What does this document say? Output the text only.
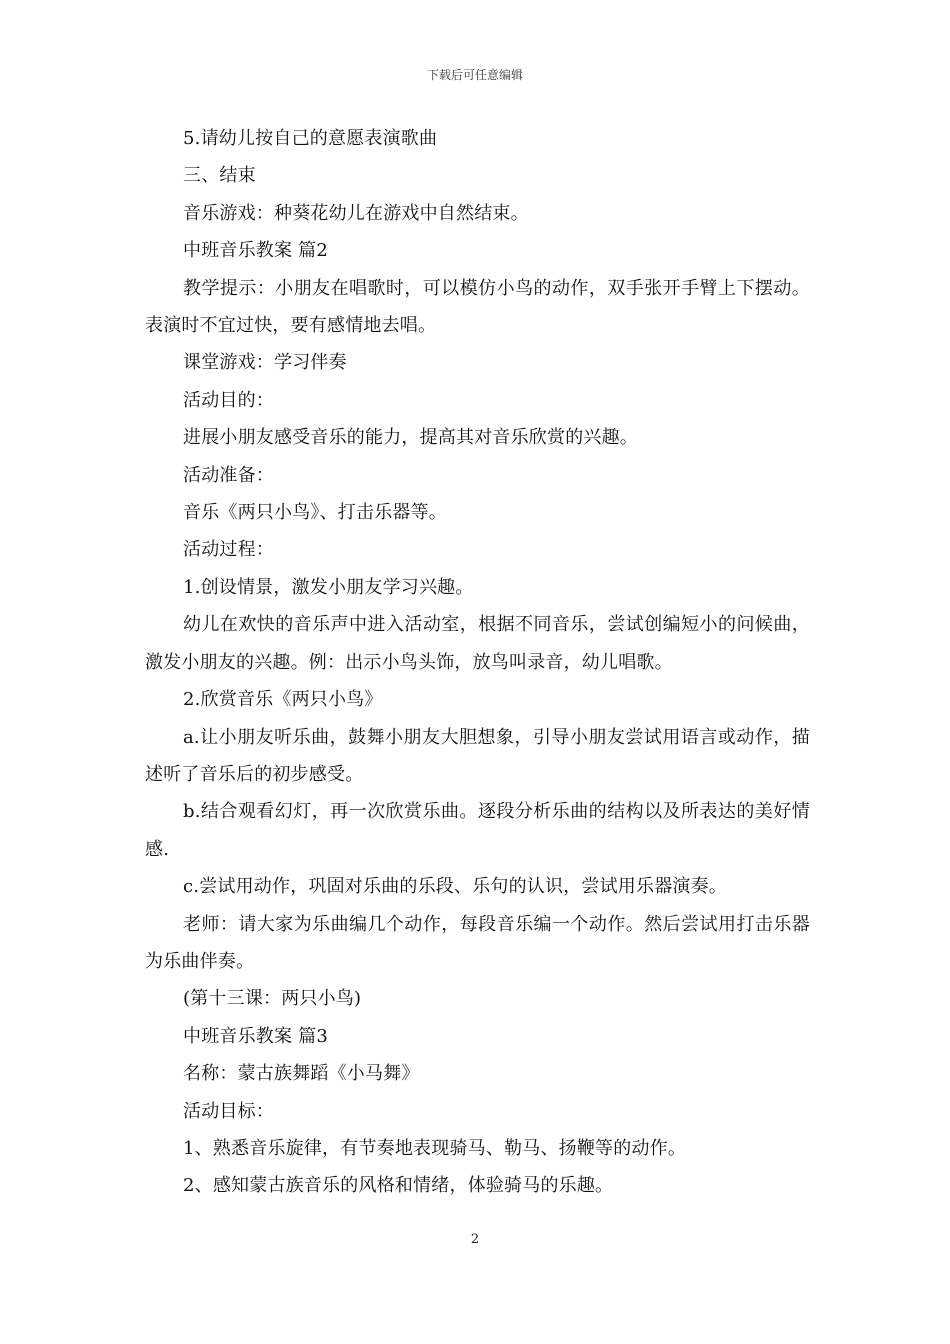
下载后可任意编辑

5.请幼儿按自己的意愿表演歌曲

三、结束

音乐游戏：种葵花幼儿在游戏中自然结束。

中班音乐教案 篇2

教学提示：小朋友在唱歌时，可以模仿小鸟的动作，双手张开手臂上下摆动。表演时不宜过快，要有感情地去唱。

课堂游戏：学习伴奏

活动目的：

进展小朋友感受音乐的能力，提高其对音乐欣赏的兴趣。

活动准备：

音乐《两只小鸟》、打击乐器等。

活动过程：

1.创设情景，激发小朋友学习兴趣。

幼儿在欢快的音乐声中进入活动室，根据不同音乐，尝试创编短小的问候曲，激发小朋友的兴趣。例：出示小鸟头饰，放鸟叫录音，幼儿唱歌。

2.欣赏音乐《两只小鸟》

a.让小朋友听乐曲，鼓舞小朋友大胆想象，引导小朋友尝试用语言或动作，描述听了音乐后的初步感受。

b.结合观看幻灯，再一次欣赏乐曲。逐段分析乐曲的结构以及所表达的美好情感.

c.尝试用动作，巩固对乐曲的乐段、乐句的认识，尝试用乐器演奏。

老师：请大家为乐曲编几个动作，每段音乐编一个动作。然后尝试用打击乐器为乐曲伴奏。

(第十三课：两只小鸟)

中班音乐教案 篇3

名称：蒙古族舞蹈《小马舞》

活动目标：

1、熟悉音乐旋律，有节奏地表现骑马、勒马、扬鞭等的动作。

2、感知蒙古族音乐的风格和情绪，体验骑马的乐趣。

2
